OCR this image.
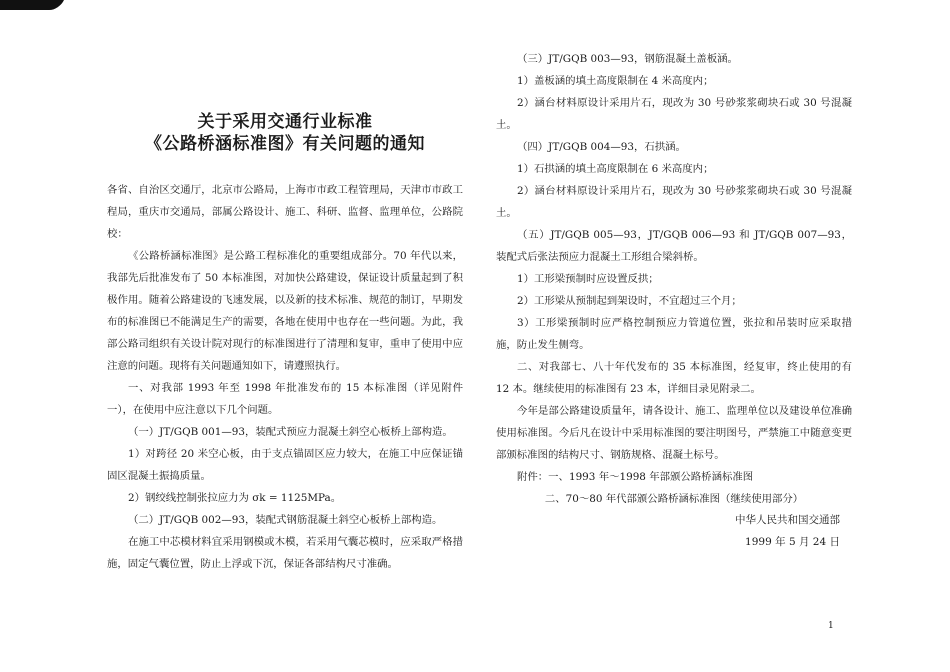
关于采用交通行业标准
《公路桥涵标准图》有关问题的通知

各省、自治区交通厅，北京市公路局，上海市市政工程管理局，天津市市政工程局，重庆市交通局，部属公路设计、施工、科研、监督、监理单位，公路院校：

《公路桥涵标准图》是公路工程标准化的重要组成部分。70 年代以来，我部先后批准发布了 50 本标准图，对加快公路建设，保证设计质量起到了积极作用。随着公路建设的飞速发展，以及新的技术标准、规范的制订，早期发布的标准图已不能满足生产的需要，各地在使用中也存在一些问题。为此，我部公路司组织有关设计院对现行的标准图进行了清理和复审，重申了使用中应注意的问题。现将有关问题通知如下，请遵照执行。

一、对我部 1993 年至 1998 年批准发布的 15 本标准图（详见附件一），在使用中应注意以下几个问题。

（一）JT/GQB 001—93，装配式预应力混凝土斜空心板桥上部构造。

1）对跨径 20 米空心板，由于支点锚固区应力较大，在施工中应保证锚固区混凝土振捣质量。

2）钢绞线控制张拉应力为 σk = 1125MPa。

（二）JT/GQB 002—93，装配式钢筋混凝土斜空心板桥上部构造。

在施工中芯模材料宜采用钢模或木模，若采用气囊芯模时，应采取严格措施，固定气囊位置，防止上浮或下沉，保证各部结构尺寸准确。

（三）JT/GQB 003—93，钢筋混凝土盖板涵。

1）盖板涵的填土高度限制在 4 米高度内；

2）涵台材料原设计采用片石，现改为 30 号砂浆浆砌块石或 30 号混凝土。

（四）JT/GQB 004—93，石拱涵。

1）石拱涵的填土高度限制在 6 米高度内；

2）涵台材料原设计采用片石，现改为 30 号砂浆浆砌块石或 30 号混凝土。

（五）JT/GQB 005—93，JT/GQB 006—93 和 JT/GQB 007—93，装配式后张法预应力混凝土工形组合梁斜桥。

1）工形梁预制时应设置反拱；

2）工形梁从预制起到架设时，不宜超过三个月；

3）工形梁预制时应严格控制预应力管道位置，张拉和吊装时应采取措施，防止发生侧弯。

二、对我部七、八十年代发布的 35 本标准图，经复审，终止使用的有 12 本。继续使用的标准图有 23 本，详细目录见附录二。

今年是部公路建设质量年，请各设计、施工、监理单位以及建设单位准确使用标准图。今后凡在设计中采用标准图的要注明图号，严禁施工中随意变更部颁标准图的结构尺寸、钢筋规格、混凝土标号。

附件：一、1993 年～1998 年部颁公路桥涵标准图

二、70～80 年代部颁公路桥涵标准图（继续使用部分）

中华人民共和国交通部
1999 年 5 月 24 日
1
